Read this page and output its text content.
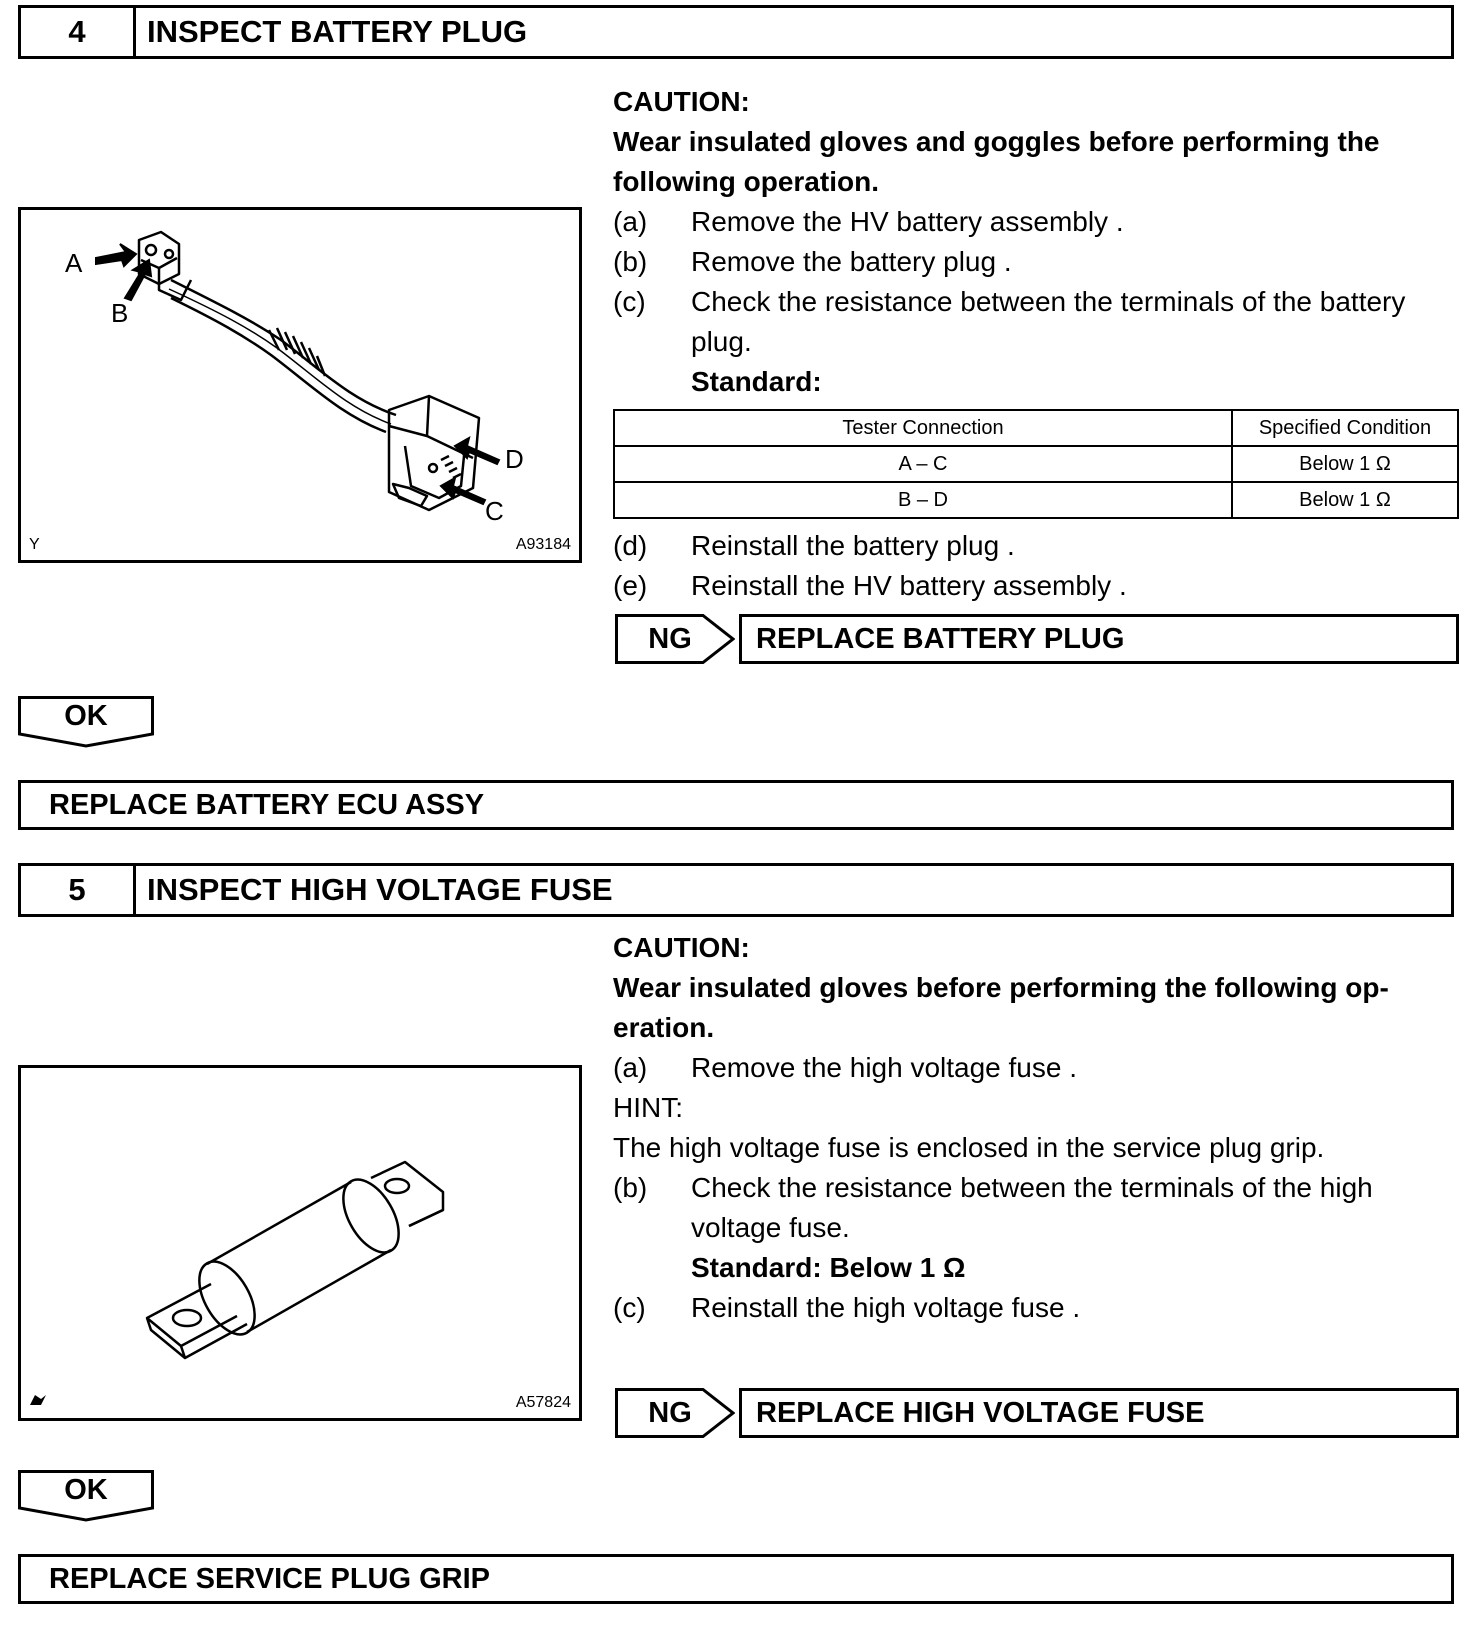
4	INSPECT BATTERY PLUG
A
B
D
C
Y	A93184
CAUTION:
Wear insulated gloves and goggles before performing the following operation.
(a) Remove the HV battery assembly .
(b) Remove the battery plug .
(c) Check the resistance between the terminals of the battery plug.
Standard:
Tester Connection	Specified Condition
A – C	Below 1 Ω
B – D	Below 1 Ω
(d) Reinstall the battery plug .
(e) Reinstall the HV battery assembly .
NG	REPLACE BATTERY PLUG
OK
REPLACE BATTERY ECU ASSY
5	INSPECT HIGH VOLTAGE FUSE
A57824
CAUTION:
Wear insulated gloves before performing the following op-eration.
(a) Remove the high voltage fuse .
HINT:
The high voltage fuse is enclosed in the service plug grip.
(b) Check the resistance between the terminals of the high voltage fuse.
Standard: Below 1 Ω
(c) Reinstall the high voltage fuse .
NG	REPLACE HIGH VOLTAGE FUSE
OK
REPLACE SERVICE PLUG GRIP
